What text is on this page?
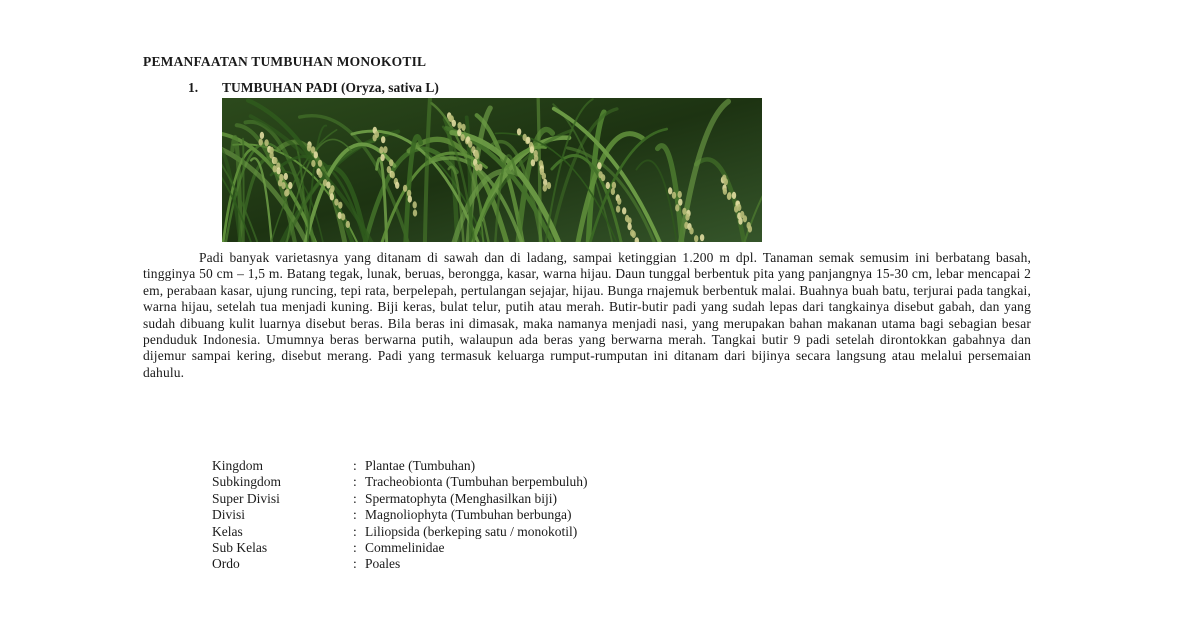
PEMANFAATAN TUMBUHAN MONOKOTIL
1. TUMBUHAN PADI (Oryza, sativa L)
Padi banyak varietasnya yang ditanam di sawah dan di ladang, sampai ketinggian 1.200 m dpl. Tanaman semak semusim ini berbatang basah, tingginya 50 cm – 1,5 m. Batang tegak, lunak, beruas, berongga, kasar, warna hijau. Daun tunggal berbentuk pita yang panjangnya 15-30 cm, lebar mencapai 2 em, perabaan kasar, ujung runcing, tepi rata, berpelepah, pertulangan sejajar, hijau. Bunga rnajemuk berbentuk malai. Buahnya buah batu, terjurai pada tangkai, warna hijau, setelah tua menjadi kuning. Biji keras, bulat telur, putih atau merah. Butir-butir padi yang sudah lepas dari tangkainya disebut gabah, dan yang sudah dibuang kulit luarnya disebut beras. Bila beras ini dimasak, maka namanya menjadi nasi, yang merupakan bahan makanan utama bagi sebagian besar penduduk Indonesia. Umumnya beras berwarna putih, walaupun ada beras yang berwarna merah. Tangkai butir 9 padi setelah dirontokkan gabahnya dan dijemur sampai kering, disebut merang. Padi yang termasuk keluarga rumput-rumputan ini ditanam dari bijinya secara langsung atau melalui persemaian dahulu.
Kingdom	: Plantae (Tumbuhan)
Subkingdom	: Tracheobionta (Tumbuhan berpembuluh)
Super Divisi	: Spermatophyta (Menghasilkan biji)
Divisi	: Magnoliophyta (Tumbuhan berbunga)
Kelas	: Liliopsida (berkeping satu / monokotil)
Sub Kelas	: Commelinidae
Ordo	: Poales
